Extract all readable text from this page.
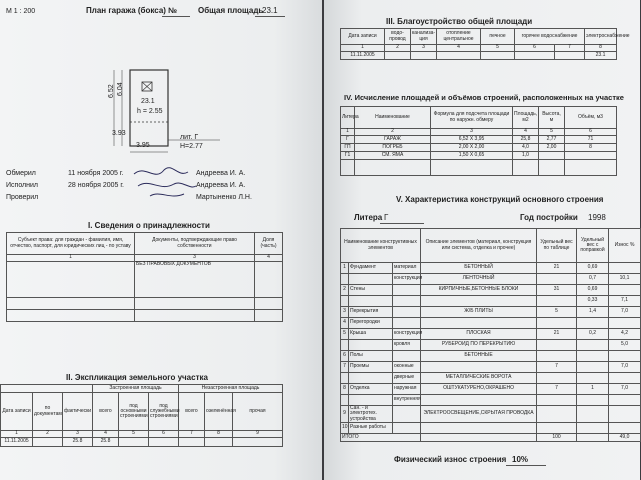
М 1 : 200	План гаража (бокса) №	Общая площадь
23.1
6.52 6.04
23.1
h = 2.55
3.93
3.95
лит. Г
Н=2.77
Обмерил	11 ноября 2005 г.	Андреева И. А.
Исполнил	28 ноября 2005 г.	Андреева И. А.
Проверил	Мартыненко Л.Н.
I. Сведения о принадлежности
Субъект права: для граждан - фамилия, имя, отчество, паспорт, для юридических лиц - по уставу	Документы, подтверждающие право собственности	Доля (часть)
1	3	4
	БЕЗ ПРАВОВЫХ ДОКУМЕНТОВ	

II. Экспликация земельного участка
			Застроенная площадь			Незастроенная площадь		
Дата записи	по документам	фактически	всего	под основными строениями	под служебными строениями	всего	озеленённая	прочая
1	2	3	4	5	6	7	8	9
11.11.2005		25.8	25.8					
III. Благоустройство общей площади
Дата записи	водо-провод	канализа-ция	отопление центральное	печное	горячее водоснабжение		электроснабжение
1	2	3	4	5	6	7	8
11.11.2005							23.1
IV. Исчисление площадей и объёмов строений, расположенных на участке
Литера	Наименование	Формула для подсчета площади по наружн. обмеру	Площадь, м2	Высота, м	Объём, м3
1	2	3	4	5	6
Г	ГАРАЖ	6,52 Х 3,95	25,8	2,77	71
ГП	ПОГРЕБ	2,00 Х 2,00	4,0	2,00	8
Г1	СМ. ЯМА	1,50 Х 0,65	1,0		

V. Характеристика конструкций основного строения
Литера Г	Год постройки 1998
Наименование конструктивных элементов			Описание элементов (материал, конструкция или система, отделка и прочее)	Удельный вес по таблице	Удельный вес с поправкой	Износ %
1	Фундамент	материал	БЕТОННЫЙ	21	0,69	
		конструкция	ЛЕНТОЧНЫЙ		0,7	10,1
2	Стены		КИРПИЧНЫЕ,БЕТОННЫЕ БЛОКИ	31	0,69	
					0,33	7,1
3	Перекрытия		Ж/Б ПЛИТЫ	5	1,4	7,0
4	Перегородки					
5	Крыша	конструкция	ПЛОСКАЯ	21	0,2	4,2
		кровля	РУБЕРОИД ПО ПЕРЕКРЫТИЮ			5,0
6	Полы		БЕТОННЫЕ			
7	Проемы	оконные		7		7,0
		дверные	МЕТАЛЛИЧЕСКИЕ ВОРОТА			
8	Отделка	наружная	ОШТУКАТУРЕНО,ОКРАШЕНО	7	1	7,0
		внутренняя				
9	Сан. - и электротех. устройства		ЭЛЕКТРООСВЕЩЕНИЕ,СКРЫТАЯ ПРОВОДКА			
10	Разные работы					
ИТОГО				100		49,0
Физический износ строения 10%
